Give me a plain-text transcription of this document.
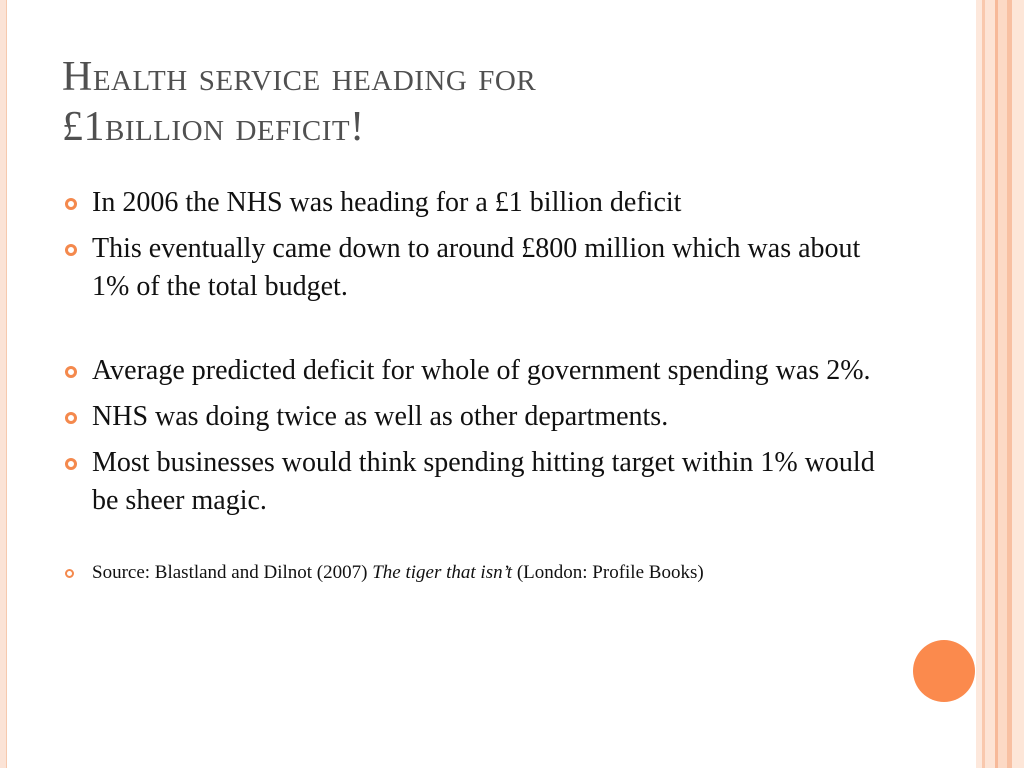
Health service heading for
£1billion deficit!
In 2006 the NHS was heading for a £1 billion deficit
This eventually came down to around £800 million which was about 1% of the total budget.
Average predicted deficit for whole of government spending was 2%.
NHS was doing twice as well as other departments.
Most businesses would think spending hitting target within 1% would be sheer magic.
Source: Blastland and Dilnot (2007) The tiger that isn’t (London: Profile Books)
